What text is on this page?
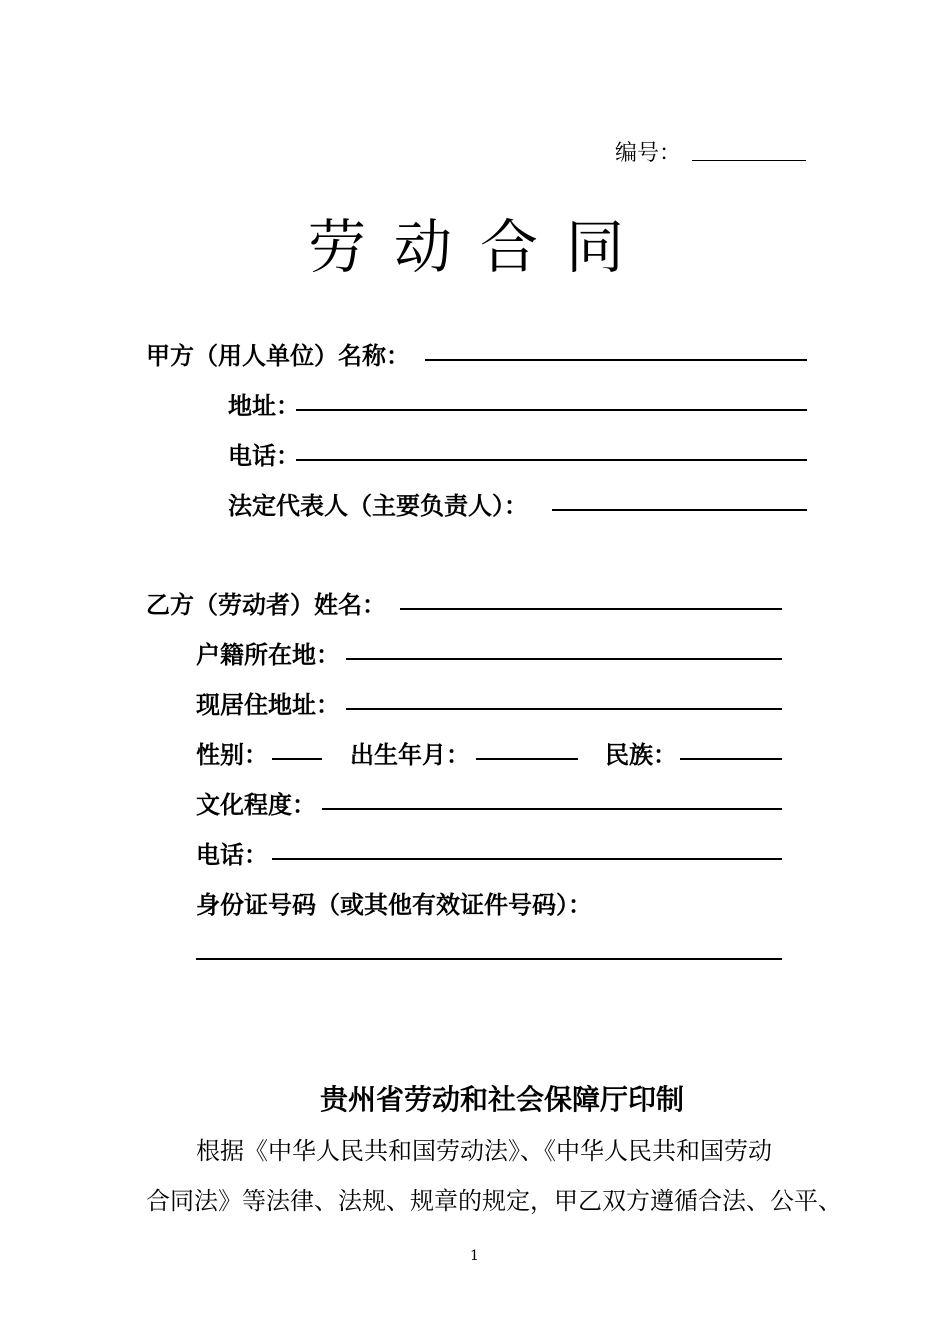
编号：
劳动合同
甲方（用人单位）名称：
地址：
电话：
法定代表人（主要负责人）：
乙方（劳动者）姓名：
户籍所在地：
现居住地址：
性别：	出生年月：	民族：
文化程度：
电话：
身份证号码（或其他有效证件号码）：
贵州省劳动和社会保障厅印制
根据《中华人民共和国劳动法》、《中华人民共和国劳动
合同法》等法律、法规、规章的规定，甲乙双方遵循合法、公平、
1
